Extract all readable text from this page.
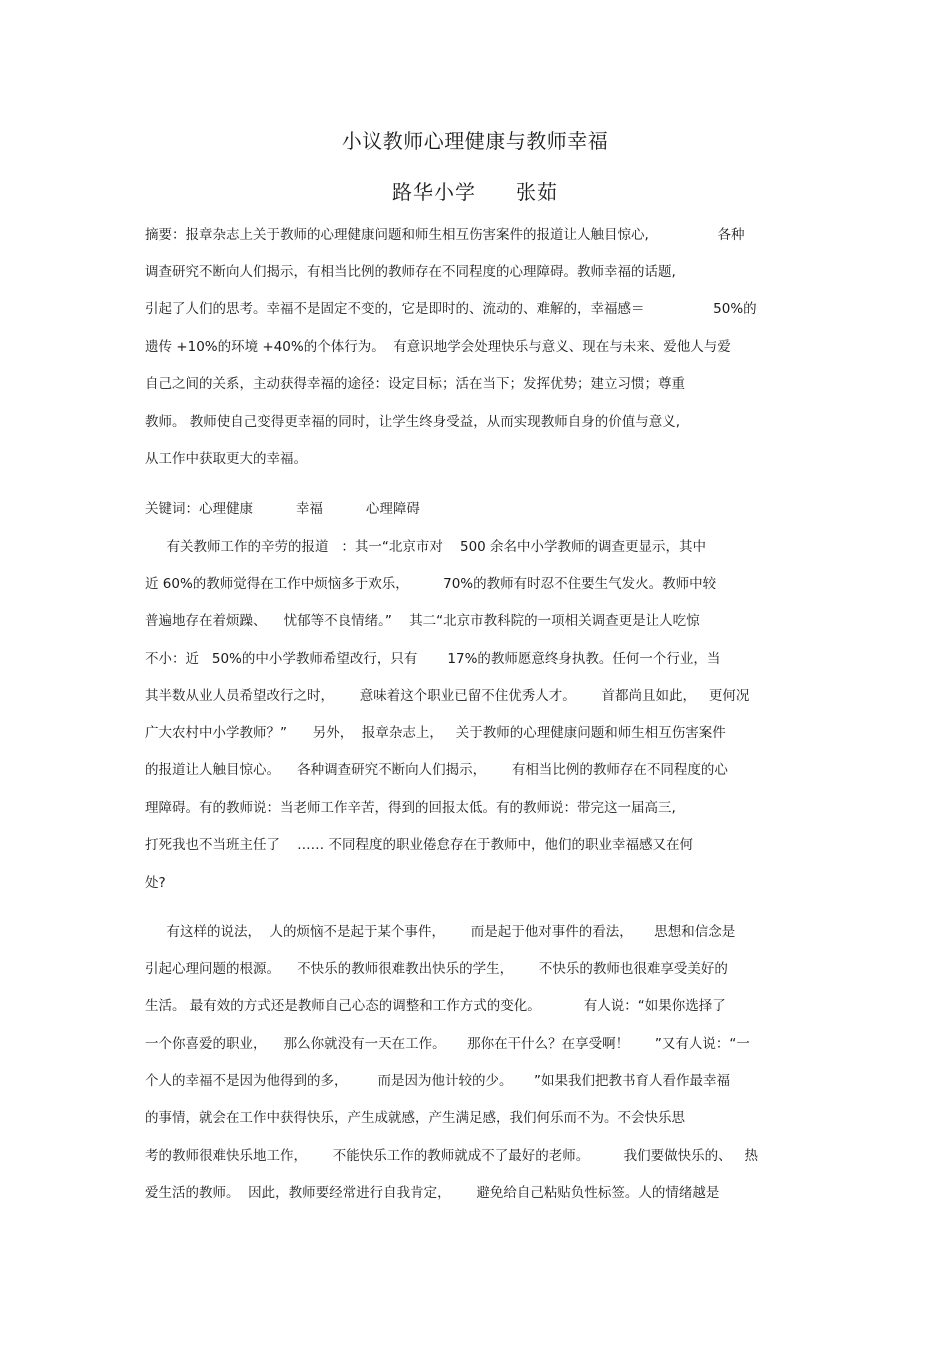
小议教师心理健康与教师幸福
路华小学 张茹
摘要：报章杂志上关于教师的心理健康问题和师生相互伤害案件的报道让人触目惊心,                各种
调查研究不断向人们揭示，有相当比例的教师存在不同程度的心理障碍。教师幸福的话题,
引起了人们的思考。幸福不是固定不变的，它是即时的、流动的、难解的，幸福感＝                50%的
遗传 +10%的环境 +40%的个体行为。  有意识地学会处理快乐与意义、现在与未来、爱他人与爱
自己之间的关系，主动获得幸福的途径：设定目标；活在当下；发挥优势；建立习惯；尊重
教师。 教师使自己变得更幸福的同时，让学生终身受益，从而实现教师自身的价值与意义,
从工作中获取更大的幸福。
关键词：心理健康          幸福          心理障碍
有关教师工作的辛劳的报道   ：其一“北京市对    500 余名中小学教师的调查更显示，其中
近 60%的教师觉得在工作中烦恼多于欢乐，        70%的教师有时忍不住要生气发火。教师中较
普遍地存在着烦躁、    忧郁等不良情绪。”    其二“北京市教科院的一项相关调查更是让人吃惊
不小：近   50%的中小学教师希望改行，只有       17%的教师愿意终身执教。任何一个行业，当
其半数从业人员希望改行之时，      意味着这个职业已留不住优秀人才。      首都尚且如此，   更何况
广大农村中小学教师？”      另外，  报章杂志上，   关于教师的心理健康问题和师生相互伤害案件
的报道让人触目惊心。    各种调查研究不断向人们揭示，      有相当比例的教师存在不同程度的心
理障碍。有的教师说：当老师工作辛苦，得到的回报太低。有的教师说：带完这一届高三,
打死我也不当班主任了    …… 不同程度的职业倦怠存在于教师中，他们的职业幸福感又在何
处?
有这样的说法，  人的烦恼不是起于某个事件，      而是起于他对事件的看法，     思想和信念是
引起心理问题的根源。    不快乐的教师很难教出快乐的学生，      不快乐的教师也很难享受美好的
生活。 最有效的方式还是教师自己心态的调整和工作方式的变化。          有人说：“如果你选择了
一个你喜爱的职业，    那么你就没有一天在工作。     那你在干什么？在享受啊！      ”又有人说：“一
个人的幸福不是因为他得到的多，       而是因为他计较的少。     ”如果我们把教书育人看作最幸福
的事情，就会在工作中获得快乐，产生成就感，产生满足感，我们何乐而不为。不会快乐思
考的教师很难快乐地工作，      不能快乐工作的教师就成不了最好的老师。        我们要做快乐的、   热
爱生活的教师。  因此，教师要经常进行自我肯定，      避免给自己粘贴负性标签。人的情绪越是
